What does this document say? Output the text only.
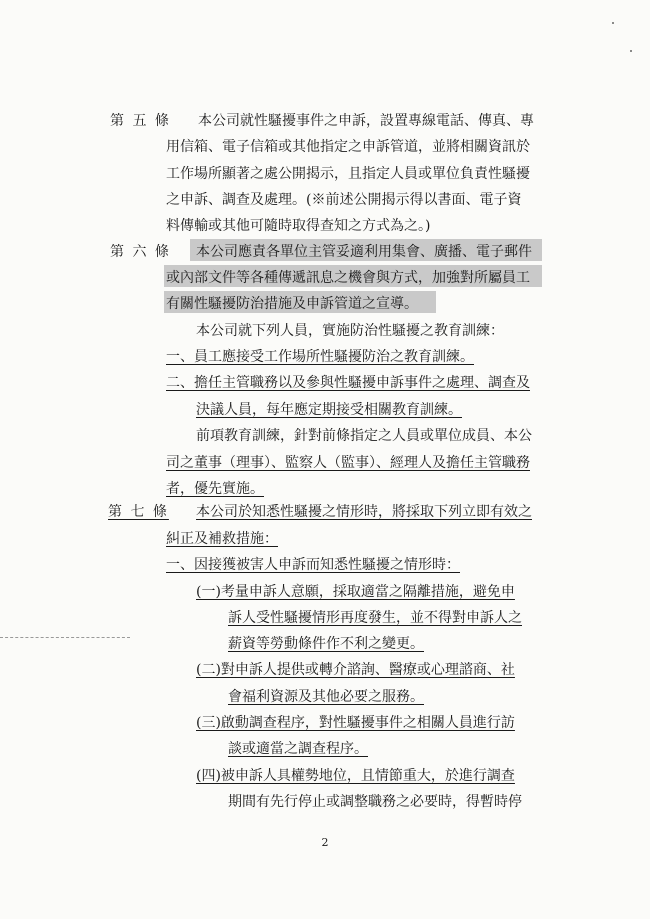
第 五 條 本公司就性騷擾事件之申訴，設置專線電話、傳真、專
用信箱、電子信箱或其他指定之申訴管道，並將相關資訊於
工作場所顯著之處公開揭示，且指定人員或單位負責性騷擾
之申訴、調查及處理。(※前述公開揭示得以書面、電子資
料傳輸或其他可隨時取得查知之方式為之。)
第 六 條 本公司應責各單位主管妥適利用集會、廣播、電子郵件
或內部文件等各種傳遞訊息之機會與方式，加強對所屬員工
有關性騷擾防治措施及申訴管道之宣導。
本公司就下列人員，實施防治性騷擾之教育訓練：
一、員工應接受工作場所性騷擾防治之教育訓練。
二、擔任主管職務以及參與性騷擾申訴事件之處理、調查及
決議人員，每年應定期接受相關教育訓練。
前項教育訓練，針對前條指定之人員或單位成員、本公
司之董事（理事）、監察人（監事）、經理人及擔任主管職務
者，優先實施。
第 七 條 本公司於知悉性騷擾之情形時，將採取下列立即有效之
糾正及補救措施：
一、因接獲被害人申訴而知悉性騷擾之情形時：
(一)考量申訴人意願，採取適當之隔離措施，避免申
訴人受性騷擾情形再度發生，並不得對申訴人之
薪資等勞動條件作不利之變更。
(二)對申訴人提供或轉介諮詢、醫療或心理諮商、社
會福利資源及其他必要之服務。
(三)啟動調查程序，對性騷擾事件之相關人員進行訪
談或適當之調查程序。
(四)被申訴人具權勢地位，且情節重大，於進行調查
期間有先行停止或調整職務之必要時，得暫時停
2
